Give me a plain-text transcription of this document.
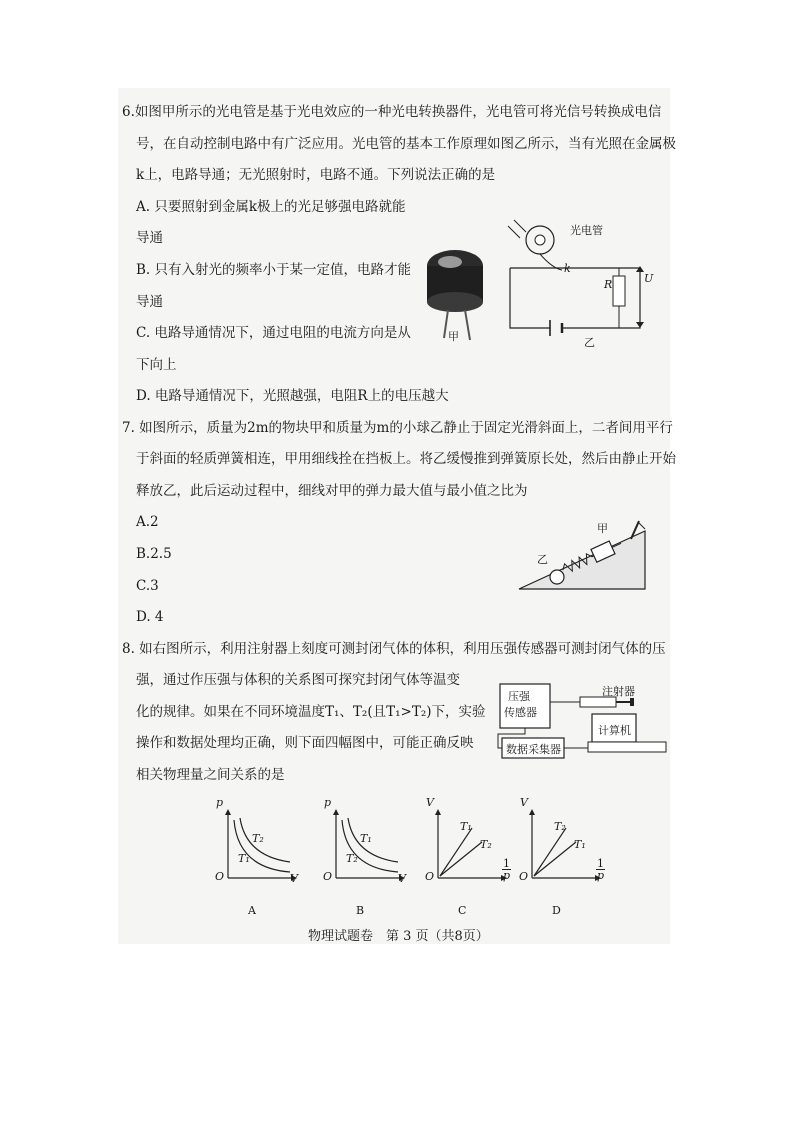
6.如图甲所示的光电管是基于光电效应的一种光电转换器件，光电管可将光信号转换成电信
号，在自动控制电路中有广泛应用。光电管的基本工作原理如图乙所示，当有光照在金属极
k上，电路导通；无光照射时，电路不通。下列说法正确的是
A. 只要照射到金属k极上的光足够强电路就能
导通
B. 只有入射光的频率小于某一定值，电路才能
导通
C. 电路导通情况下，通过电阻的电流方向是从
下向上
D. 电路导通情况下，光照越强，电阻R上的电压越大
甲
光电管
k
R	U
乙
7. 如图所示，质量为2m的物块甲和质量为m的小球乙静止于固定光滑斜面上，二者间用平行
于斜面的轻质弹簧相连，甲用细线拴在挡板上。将乙缓慢推到弹簧原长处，然后由静止开始
释放乙，此后运动过程中，细线对甲的弹力最大值与最小值之比为
A.2
B.2.5
C.3
D. 4
甲
乙
8. 如右图所示，利用注射器上刻度可测封闭气体的体积，利用压强传感器可测封闭气体的压
强，通过作压强与体积的关系图可探究封闭气体等温变
化的规律。如果在不同环境温度T₁、T₂(且T₁>T₂)下，实验
操作和数据处理均正确，则下面四幅图中，可能正确反映
相关物理量之间关系的是
压强
传感器
注射器
计算机
数据采集器
p
O	V
T₂
T₁
A
p
O	V
T₁
T₂
B
V
O
1
p
T₁
T₂
C
V
O
1
p
T₂
T₁
D
物理试题卷　第 3 页（共8页）
